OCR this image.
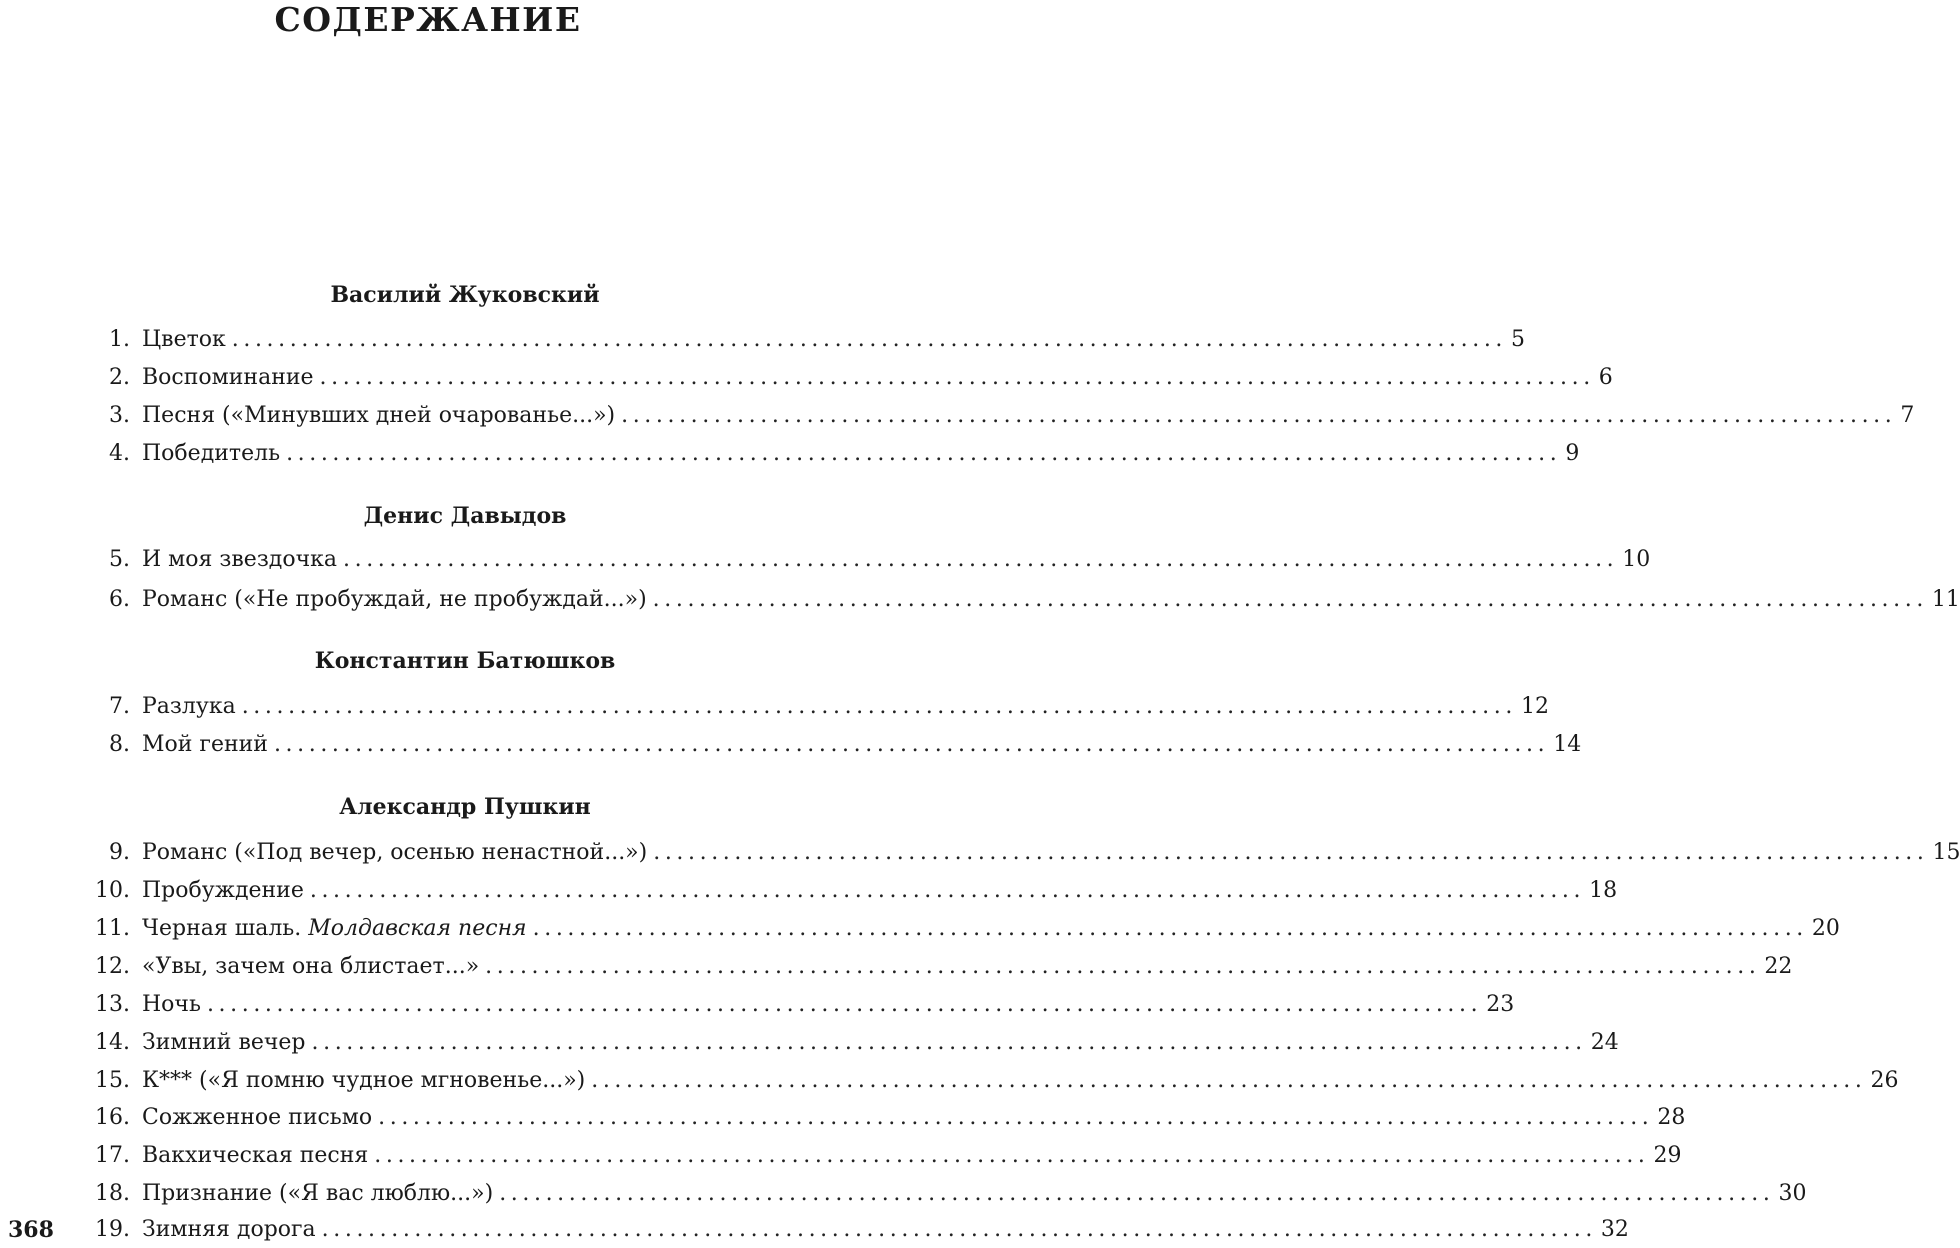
СОДЕРЖАНИЕ
Василий Жуковский
1. Цветок .............................................................................................................. 5
2. Воспоминание .............................................................................................................. 6
3. Песня («Минувших дней очарованье...») .............................................................................................................. 7
4. Победитель .............................................................................................................. 9
Денис Давыдов
5. И моя звездочка .............................................................................................................. 10
6. Романс («Не пробуждай, не пробуждай...») .............................................................................................................. 11
Константин Батюшков
7. Разлука .............................................................................................................. 12
8. Мой гений .............................................................................................................. 14
Александр Пушкин
9. Романс («Под вечер, осенью ненастной...») .............................................................................................................. 15
10. Пробуждение .............................................................................................................. 18
11. Черная шаль. Молдавская песня .............................................................................................................. 20
12. «Увы, зачем она блистает...» .............................................................................................................. 22
13. Ночь .............................................................................................................. 23
14. Зимний вечер .............................................................................................................. 24
15. К*** («Я помню чудное мгновенье...») .............................................................................................................. 26
16. Сожженное письмо .............................................................................................................. 28
17. Вакхическая песня .............................................................................................................. 29
18. Признание («Я вас люблю...») .............................................................................................................. 30
19. Зимняя дорога .............................................................................................................. 32
368
